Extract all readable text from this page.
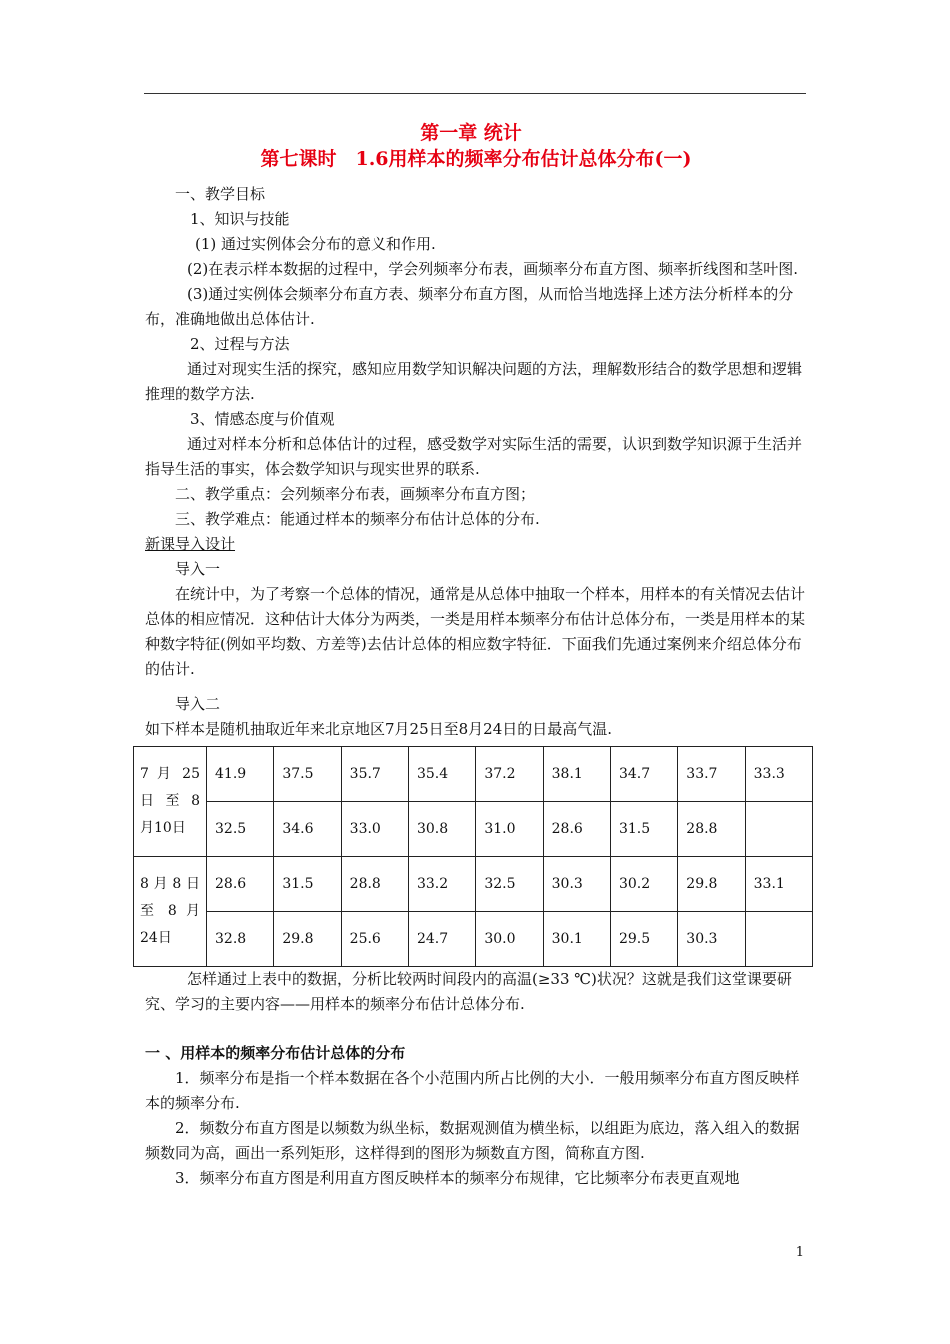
第一章 统计
第七课时　1.6用样本的频率分布估计总体分布(一)

一、教学目标

1、知识与技能

(1) 通过实例体会分布的意义和作用.

(2)在表示样本数据的过程中，学会列频率分布表，画频率分布直方图、频率折线图和茎叶图.

(3)通过实例体会频率分布直方表、频率分布直方图，从而恰当地选择上述方法分析样本的分布，准确地做出总体估计.

2、过程与方法

通过对现实生活的探究，感知应用数学知识解决问题的方法，理解数形结合的数学思想和逻辑推理的数学方法.

3、情感态度与价值观

通过对样本分析和总体估计的过程，感受数学对实际生活的需要，认识到数学知识源于生活并指导生活的事实，体会数学知识与现实世界的联系.

二、教学重点：会列频率分布表，画频率分布直方图；

三、教学难点：能通过样本的频率分布估计总体的分布.

新课导入设计

导入一

在统计中，为了考察一个总体的情况，通常是从总体中抽取一个样本，用样本的有关情况去估计总体的相应情况．这种估计大体分为两类，一类是用样本频率分布估计总体分布，一类是用样本的某种数字特征(例如平均数、方差等)去估计总体的相应数字特征．下面我们先通过案例来介绍总体分布的估计.

导入二

如下样本是随机抽取近年来北京地区7月25日至8月24日的日最高气温.

7 月 25 日 至 8 月10日	41.9	37.5	35.7	35.4	37.2	38.1	34.7	33.7	33.3
	32.5	34.6	33.0	30.8	31.0	28.6	31.5	28.8	
8 月 8 日 至 8 月24日	28.6	31.5	28.8	33.2	32.5	30.3	30.2	29.8	33.1
	32.8	29.8	25.6	24.7	30.0	30.1	29.5	30.3	

怎样通过上表中的数据，分析比较两时间段内的高温(≥33 ℃)状况？这就是我们这堂课要研究、学习的主要内容——用样本的频率分布估计总体分布.

一 、用样本的频率分布估计总体的分布

1．频率分布是指一个样本数据在各个小范围内所占比例的大小．一般用频率分布直方图反映样本的频率分布.

2．频数分布直方图是以频数为纵坐标，数据观测值为横坐标，以组距为底边，落入组入的数据频数同为高，画出一系列矩形，这样得到的图形为频数直方图，简称直方图.

3．频率分布直方图是利用直方图反映样本的频率分布规律，它比频率分布表更直观地

1
